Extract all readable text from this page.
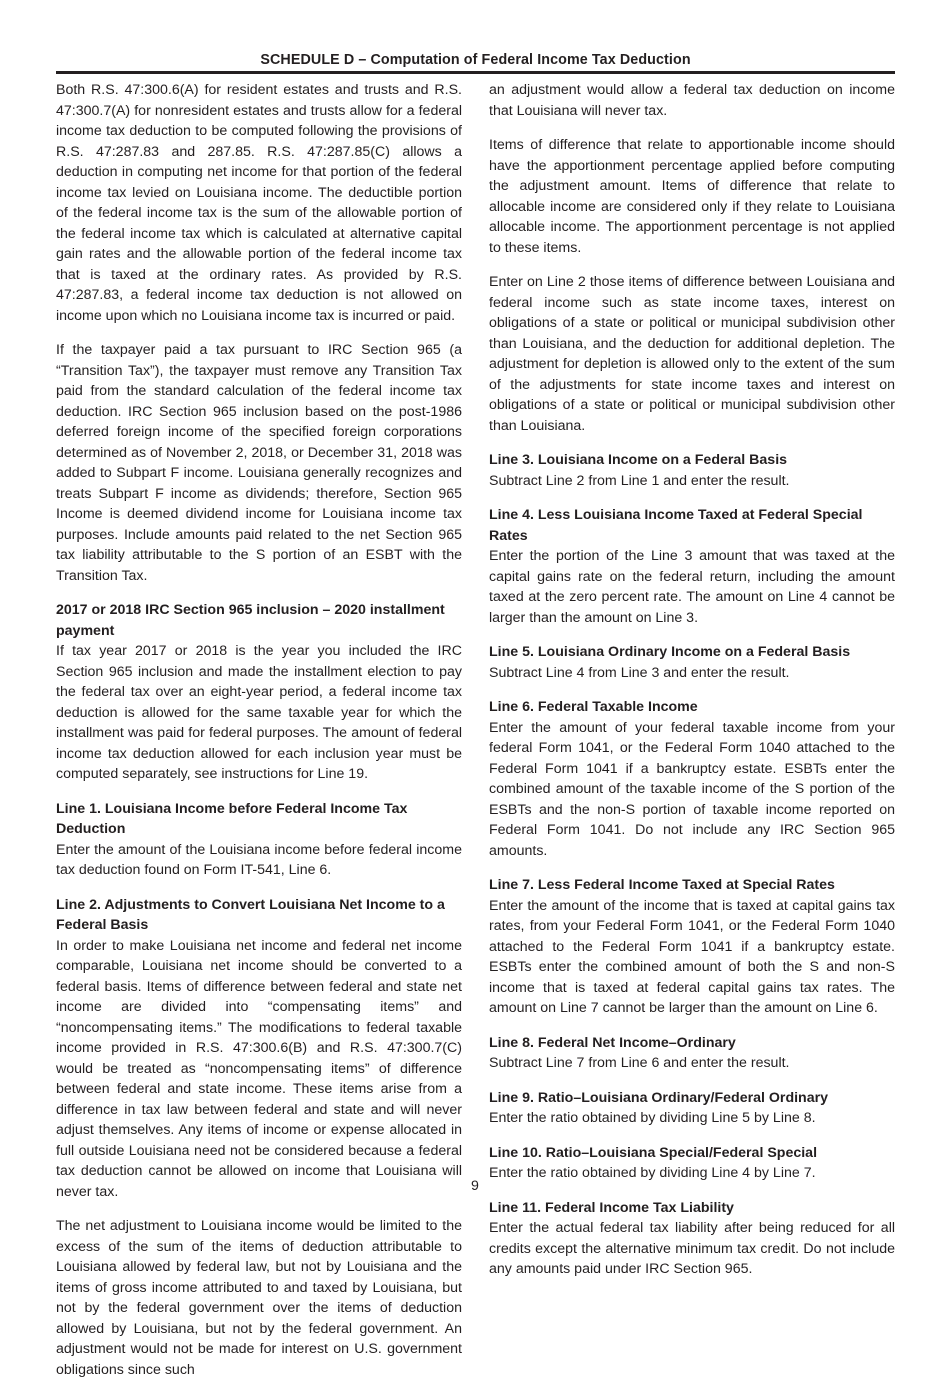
SCHEDULE D – Computation of Federal Income Tax Deduction

Both R.S. 47:300.6(A) for resident estates and trusts and R.S. 47:300.7(A) for nonresident estates and trusts allow for a federal income tax deduction to be computed following the provisions of R.S. 47:287.83 and 287.85. R.S. 47:287.85(C) allows a deduction in computing net income for that portion of the federal income tax levied on Louisiana income. The deductible portion of the federal income tax is the sum of the allowable portion of the federal income tax which is calculated at alternative capital gain rates and the allowable portion of the federal income tax that is taxed at the ordinary rates. As provided by R.S. 47:287.83, a federal income tax deduction is not allowed on income upon which no Louisiana income tax is incurred or paid.

If the taxpayer paid a tax pursuant to IRC Section 965 (a “Transition Tax”), the taxpayer must remove any Transition Tax paid from the standard calculation of the federal income tax deduction. IRC Section 965 inclusion based on the post-1986 deferred foreign income of the specified foreign corporations determined as of November 2, 2018, or December 31, 2018 was added to Subpart F income. Louisiana generally recognizes and treats Subpart F income as dividends; therefore, Section 965 Income is deemed dividend income for Louisiana income tax purposes. Include amounts paid related to the net Section 965 tax liability attributable to the S portion of an ESBT with the Transition Tax.

2017 or 2018 IRC Section 965 inclusion – 2020 installment payment

If tax year 2017 or 2018 is the year you included the IRC Section 965 inclusion and made the installment election to pay the federal tax over an eight-year period, a federal income tax deduction is allowed for the same taxable year for which the installment was paid for federal purposes. The amount of federal income tax deduction allowed for each inclusion year must be computed separately, see instructions for Line 19.

Line 1. Louisiana Income before Federal Income Tax Deduction

Enter the amount of the Louisiana income before federal income tax deduction found on Form IT-541, Line 6.

Line 2. Adjustments to Convert Louisiana Net Income to a Federal Basis

In order to make Louisiana net income and federal net income comparable, Louisiana net income should be converted to a federal basis. Items of difference between federal and state net income are divided into “compensating items” and “noncompensating items.” The modifications to federal taxable income provided in R.S. 47:300.6(B) and R.S. 47:300.7(C) would be treated as “noncompensating items” of difference between federal and state income. These items arise from a difference in tax law between federal and state and will never adjust themselves. Any items of income or expense allocated in full outside Louisiana need not be considered because a federal tax deduction cannot be allowed on income that Louisiana will never tax.

The net adjustment to Louisiana income would be limited to the excess of the sum of the items of deduction attributable to Louisiana allowed by federal law, but not by Louisiana and the items of gross income attributed to and taxed by Louisiana, but not by the federal government over the items of deduction allowed by Louisiana, but not by the federal government. An adjustment would not be made for interest on U.S. government obligations since such

an adjustment would allow a federal tax deduction on income that Louisiana will never tax.

Items of difference that relate to apportionable income should have the apportionment percentage applied before computing the adjustment amount. Items of difference that relate to allocable income are considered only if they relate to Louisiana allocable income. The apportionment percentage is not applied to these items.

Enter on Line 2 those items of difference between Louisiana and federal income such as state income taxes, interest on obligations of a state or political or municipal subdivision other than Louisiana, and the deduction for additional depletion. The adjustment for depletion is allowed only to the extent of the sum of the adjustments for state income taxes and interest on obligations of a state or political or municipal subdivision other than Louisiana.

Line 3. Louisiana Income on a Federal Basis

Subtract Line 2 from Line 1 and enter the result.

Line 4. Less Louisiana Income Taxed at Federal Special Rates

Enter the portion of the Line 3 amount that was taxed at the capital gains rate on the federal return, including the amount taxed at the zero percent rate. The amount on Line 4 cannot be larger than the amount on Line 3.

Line 5. Louisiana Ordinary Income on a Federal Basis

Subtract Line 4 from Line 3 and enter the result.

Line 6. Federal Taxable Income

Enter the amount of your federal taxable income from your federal Form 1041, or the Federal Form 1040 attached to the Federal Form 1041 if a bankruptcy estate. ESBTs enter the combined amount of the taxable income of the S portion of the ESBTs and the non-S portion of taxable income reported on Federal Form 1041. Do not include any IRC Section 965 amounts.

Line 7. Less Federal Income Taxed at Special Rates

Enter the amount of the income that is taxed at capital gains tax rates, from your Federal Form 1041, or the Federal Form 1040 attached to the Federal Form 1041 if a bankruptcy estate. ESBTs enter the combined amount of both the S and non-S income that is taxed at federal capital gains tax rates. The amount on Line 7 cannot be larger than the amount on Line 6.

Line 8. Federal Net Income–Ordinary

Subtract Line 7 from Line 6 and enter the result.

Line 9. Ratio–Louisiana Ordinary/Federal Ordinary

Enter the ratio obtained by dividing Line 5 by Line 8.

Line 10. Ratio–Louisiana Special/Federal Special

Enter the ratio obtained by dividing Line 4 by Line 7.

Line 11. Federal Income Tax Liability

Enter the actual federal tax liability after being reduced for all credits except the alternative minimum tax credit. Do not include any amounts paid under IRC Section 965.

9
